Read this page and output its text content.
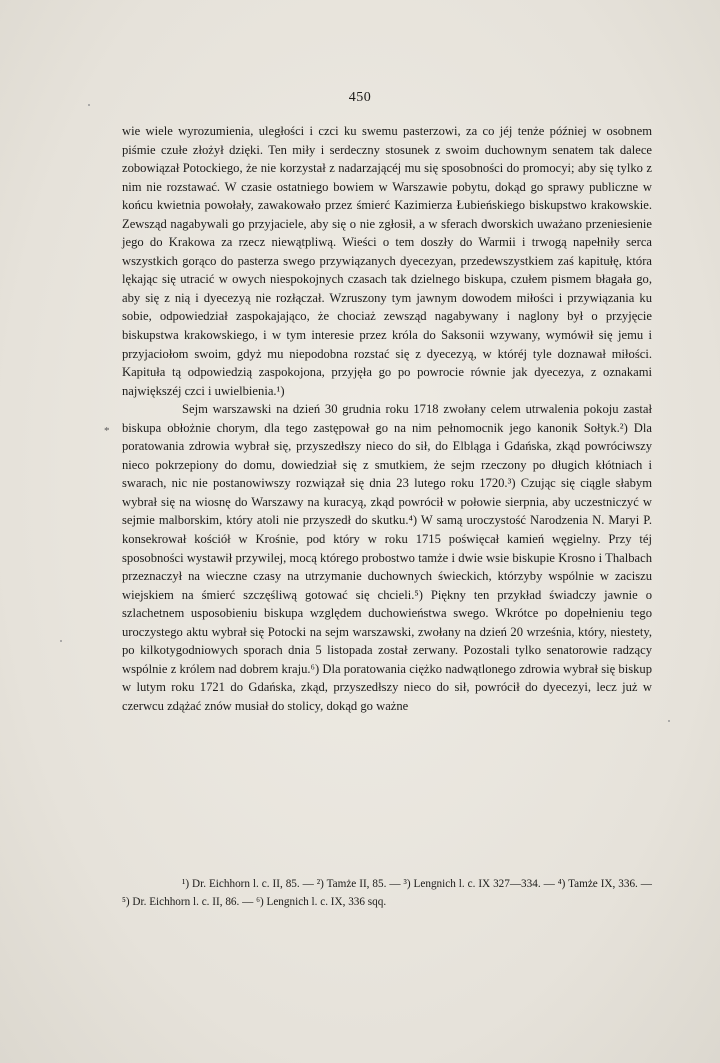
450
*

wie wiele wyrozumienia, uległości i czci ku swemu pasterzowi, za co jéj tenże później w osobnem piśmie czułe złożył dzięki. Ten miły i serdeczny stosunek z swoim duchownym senatem tak dalece zobowiązał Potockiego, że nie korzystał z nadarzającéj mu się sposobności do promocyi; aby się tylko z nim nie rozstawać. W czasie ostatniego bowiem w Warszawie pobytu, dokąd go sprawy publiczne w końcu kwietnia powołały, zawakowało przez śmierć Kazimierza Łubieńskiego biskupstwo krakowskie. Zewsząd nagabywali go przyjaciele, aby się o nie zgłosił, a w sferach dworskich uważano przeniesienie jego do Krakowa za rzecz niewątpliwą. Wieści o tem doszły do Warmii i trwogą napełniły serca wszystkich gorąco do pasterza swego przywiązanych dyecezyan, przedewszystkiem zaś kapitułę, która lękając się utracić w owych niespokojnych czasach tak dzielnego biskupa, czułem pismem błagała go, aby się z nią i dyecezyą nie rozłączał. Wzruszony tym jawnym dowodem miłości i przywiązania ku sobie, odpowiedział zaspokajająco, że chociaż zewsząd nagabywany i naglony był o przyjęcie biskupstwa krakowskiego, i w tym interesie przez króla do Saksonii wzywany, wymówił się jemu i przyjaciołom swoim, gdyż mu niepodobna rozstać się z dyecezyą, w któréj tyle doznawał miłości. Kapituła tą odpowiedzią zaspokojona, przyjęła go po powrocie równie jak dyecezya, z oznakami największéj czci i uwielbienia.¹)

Sejm warszawski na dzień 30 grudnia roku 1718 zwołany celem utrwalenia pokoju zastał biskupa obłożnie chorym, dla tego zastępował go na nim pełnomocnik jego kanonik Sołtyk.²) Dla poratowania zdrowia wybrał się, przyszedłszy nieco do sił, do Elbląga i Gdańska, zkąd powróciwszy nieco pokrzepiony do domu, dowiedział się z smutkiem, że sejm rzeczony po długich kłótniach i swarach, nic nie postanowiwszy rozwiązał się dnia 23 lutego roku 1720.³) Czując się ciągle słabym wybrał się na wiosnę do Warszawy na kuracyą, zkąd powrócił w połowie sierpnia, aby uczestniczyć w sejmie malborskim, który atoli nie przyszedł do skutku.⁴) W samą uroczystość Narodzenia N. Maryi P. konsekrował kościół w Krośnie, pod który w roku 1715 poświęcał kamień węgielny. Przy téj sposobności wystawił przywilej, mocą którego probostwo tamże i dwie wsie biskupie Krosno i Thalbach przeznaczył na wieczne czasy na utrzymanie duchownych świeckich, którzyby wspólnie w zaciszu wiejskiem na śmierć szczęśliwą gotować się chcieli.⁵) Piękny ten przykład świadczy jawnie o szlachetnem usposobieniu biskupa względem duchowieństwa swego. Wkrótce po dopełnieniu tego uroczystego aktu wybrał się Potocki na sejm warszawski, zwołany na dzień 20 września, który, niestety, po kilkotygodniowych sporach dnia 5 listopada został zerwany. Pozostali tylko senatorowie radzący wspólnie z królem nad dobrem kraju.⁶) Dla poratowania ciężko nadwątlonego zdrowia wybrał się biskup w lutym roku 1721 do Gdańska, zkąd, przyszedłszy nieco do sił, powrócił do dyecezyi, lecz już w czerwcu zdążać znów musiał do stolicy, dokąd go ważne

¹) Dr. Eichhorn l. c. II, 85. — ²) Tamże II, 85. — ³) Lengnich l. c. IX 327—334. — ⁴) Tamże IX, 336. — ⁵) Dr. Eichhorn l. c. II, 86. — ⁶) Lengnich l. c. IX, 336 sqq.
